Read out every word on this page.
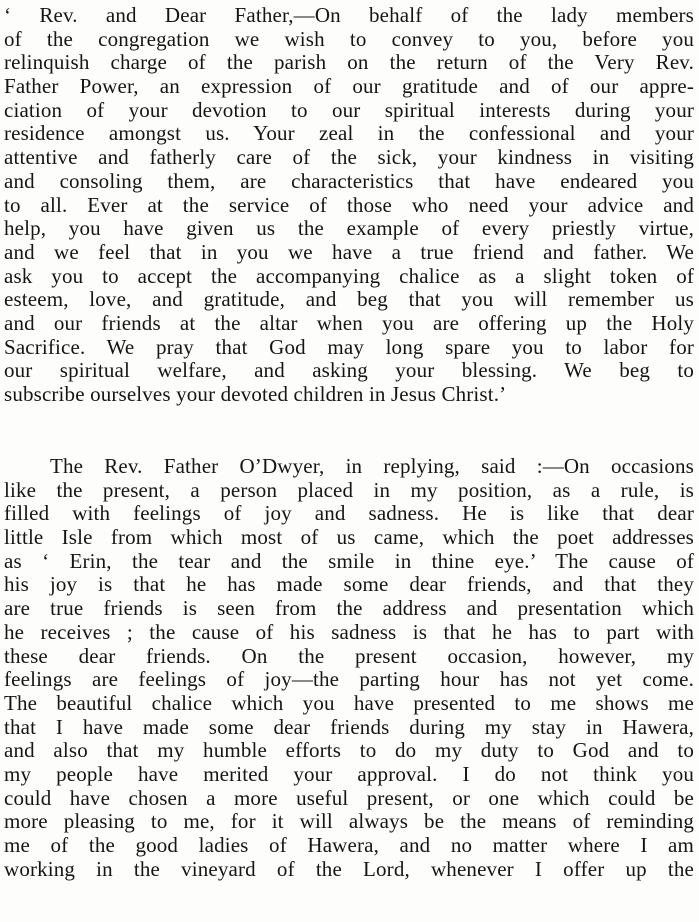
‘ Rev. and Dear Father,—On behalf of the lady members
of the congregation we wish to convey to you, before you
relinquish charge of the parish on the return of the Very Rev.
Father Power, an expression of our gratitude and of our appre-
ciation of your devotion to our spiritual interests during your
residence amongst us. Your zeal in the confessional and your
attentive and fatherly care of the sick, your kindness in visiting
and consoling them, are characteristics that have endeared you
to all. Ever at the service of those who need your advice and
help, you have given us the example of every priestly virtue,
and we feel that in you we have a true friend and father. We
ask you to accept the accompanying chalice as a slight token of
esteem, love, and gratitude, and beg that you will remember us
and our friends at the altar when you are offering up the Holy
Sacrifice. We pray that God may long spare you to labor for
our spiritual welfare, and asking your blessing. We beg to
subscribe ourselves your devoted children in Jesus Christ.’
The Rev. Father O’Dwyer, in replying, said :—On occasions
like the present, a person placed in my position, as a rule, is
filled with feelings of joy and sadness. He is like that dear
little Isle from which most of us came, which the poet addresses
as ‘ Erin, the tear and the smile in thine eye.’ The cause of
his joy is that he has made some dear friends, and that they
are true friends is seen from the address and presentation which
he receives ; the cause of his sadness is that he has to part with
these dear friends. On the present occasion, however, my
feelings are feelings of joy—the parting hour has not yet come.
The beautiful chalice which you have presented to me shows me
that I have made some dear friends during my stay in Hawera,
and also that my humble efforts to do my duty to God and to
my people have merited your approval. I do not think you
could have chosen a more useful present, or one which could be
more pleasing to me, for it will always be the means of reminding
me of the good ladies of Hawera, and no matter where I am
working in the vineyard of the Lord, whenever I offer up the
